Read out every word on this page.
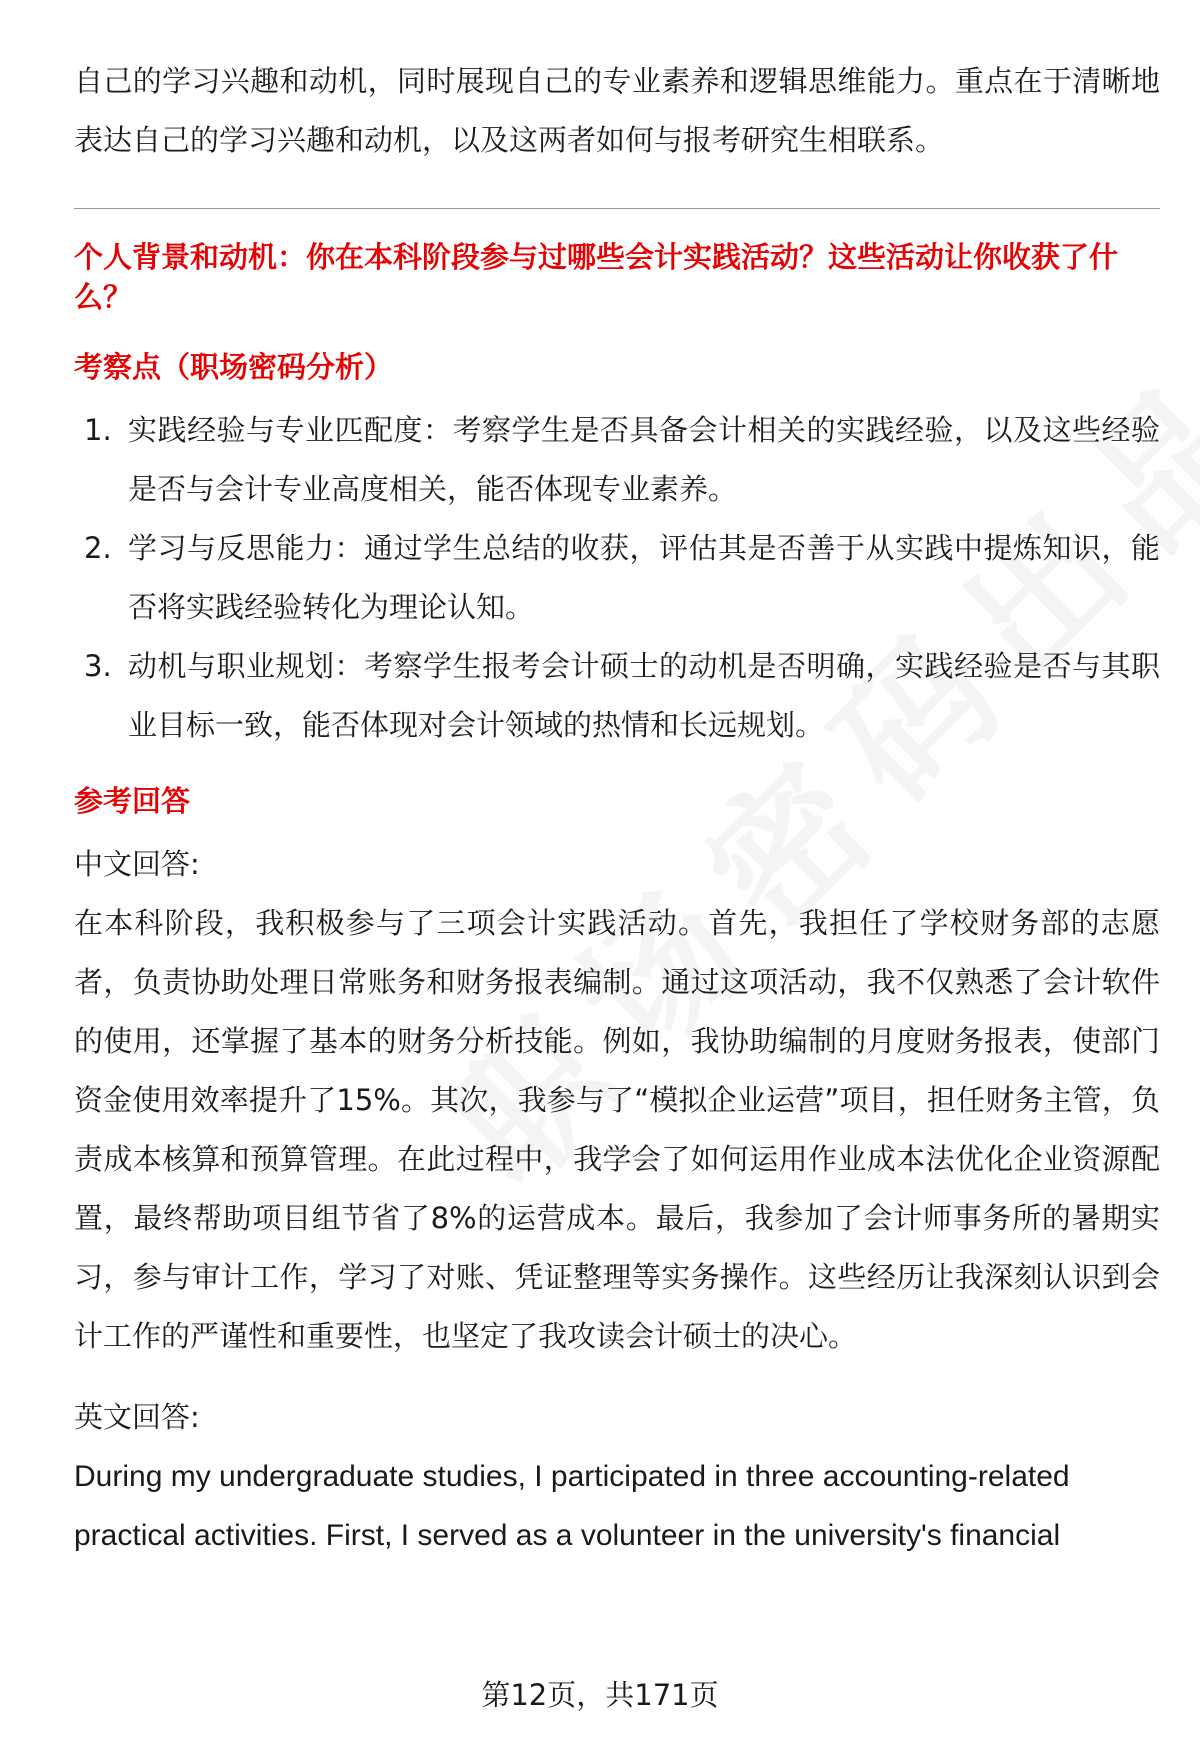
自己的学习兴趣和动机，同时展现自己的专业素养和逻辑思维能力。重点在于清晰地表达自己的学习兴趣和动机，以及这两者如何与报考研究生相联系。

个人背景和动机：你在本科阶段参与过哪些会计实践活动？这些活动让你收获了什么？
考察点（职场密码分析）
1. 实践经验与专业匹配度：考察学生是否具备会计相关的实践经验，以及这些经验是否与会计专业高度相关，能否体现专业素养。
2. 学习与反思能力：通过学生总结的收获，评估其是否善于从实践中提炼知识，能否将实践经验转化为理论认知。
3. 动机与职业规划：考察学生报考会计硕士的动机是否明确，实践经验是否与其职业目标一致，能否体现对会计领域的热情和长远规划。
参考回答

中文回答:

在本科阶段，我积极参与了三项会计实践活动。首先，我担任了学校财务部的志愿者，负责协助处理日常账务和财务报表编制。通过这项活动，我不仅熟悉了会计软件的使用，还掌握了基本的财务分析技能。例如，我协助编制的月度财务报表，使部门资金使用效率提升了15%。其次，我参与了“模拟企业运营”项目，担任财务主管，负责成本核算和预算管理。在此过程中，我学会了如何运用作业成本法优化企业资源配置，最终帮助项目组节省了8%的运营成本。最后，我参加了会计师事务所的暑期实习，参与审计工作，学习了对账、凭证整理等实务操作。这些经历让我深刻认识到会计工作的严谨性和重要性，也坚定了我攻读会计硕士的决心。

英文回答:

During my undergraduate studies, I participated in three accounting-related

practical activities. First, I served as a volunteer in the university's financial

第12页，共171页
